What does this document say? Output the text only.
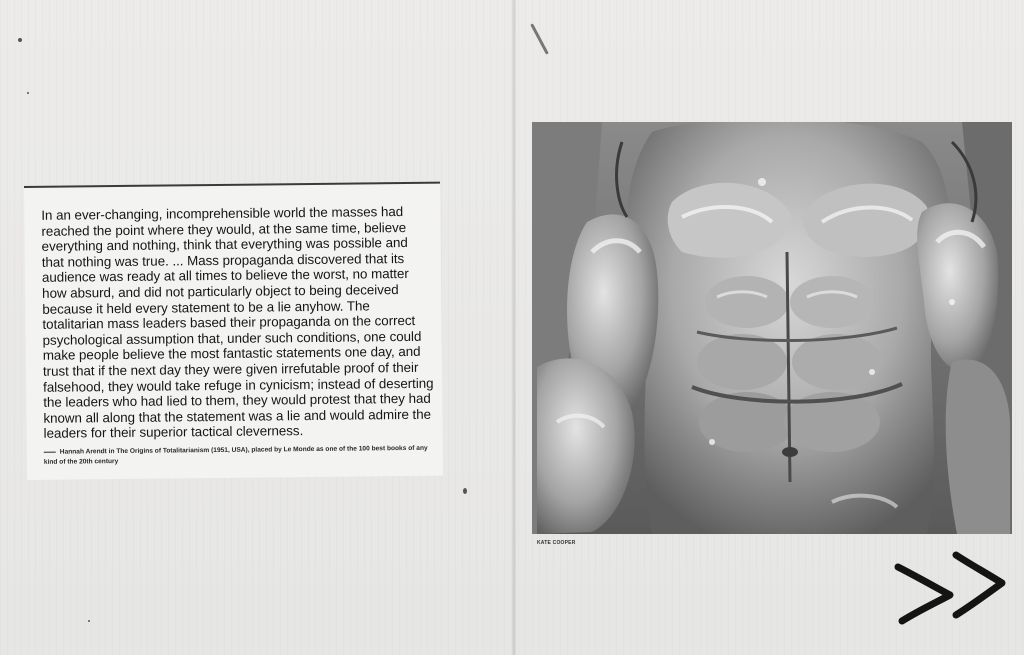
In an ever-changing, incomprehensible world the masses had reached the point where they would, at the same time, believe everything and nothing, think that everything was possible and that nothing was true. ... Mass propaganda discovered that its audience was ready at all times to believe the worst, no matter how absurd, and did not particularly object to being deceived because it held every statement to be a lie anyhow. The totalitarian mass leaders based their propaganda on the correct psychological assumption that, under such conditions, one could make people believe the most fantastic statements one day, and trust that if the next day they were given irrefutable proof of their falsehood, they would take refuge in cynicism; instead of deserting the leaders who had lied to them, they would protest that they had known all along that the statement was a lie and would admire the leaders for their superior tactical cleverness.

Hannah Arendt in The Origins of Totalitarianism (1951, USA), placed by Le Monde as one of the 100 best books of any kind of the 20th century

KATE COOPER
